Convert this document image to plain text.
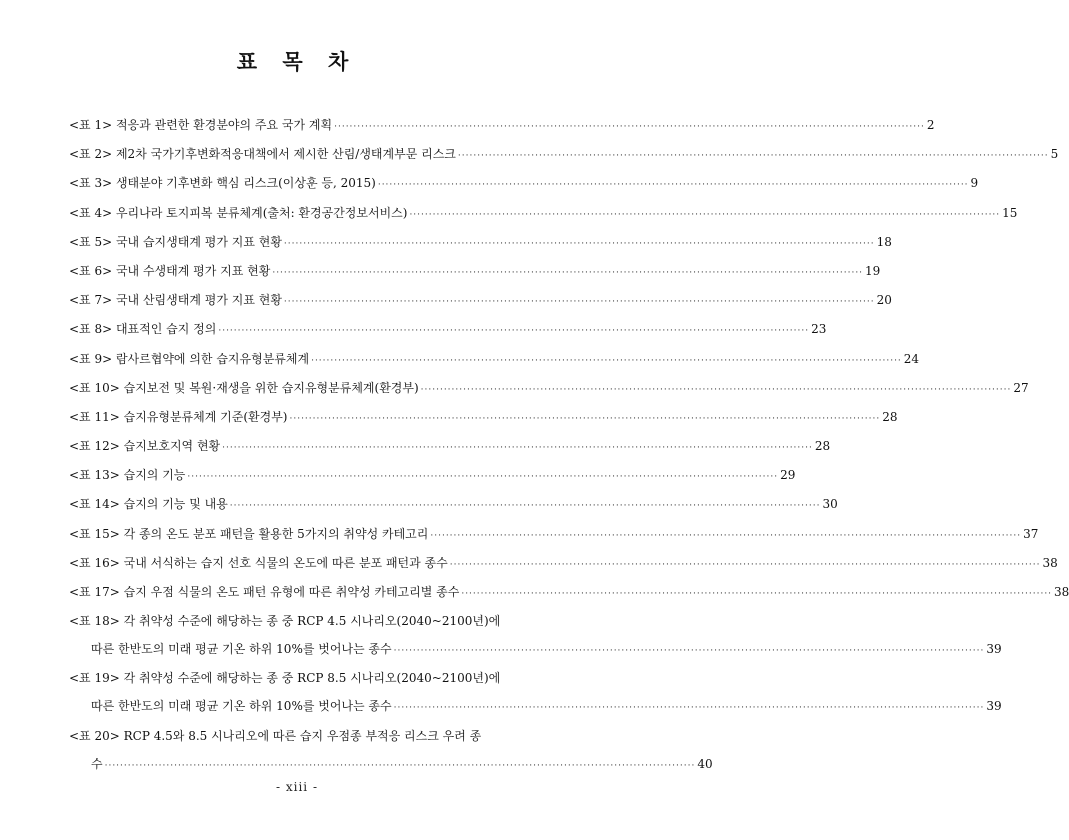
표 목 차
<표 1> 적응과 관련한 환경분야의 주요 국가 계획 ························································································································································· 2
<표 2> 제2차 국가기후변화적응대책에서 제시한 산림/생태계부문 리스크 ························································································································································· 5
<표 3> 생태분야 기후변화 핵심 리스크(이상훈 등, 2015) ························································································································································· 9
<표 4> 우리나라 토지피복 분류체계(출처: 환경공간정보서비스) ························································································································································· 15
<표 5> 국내 습지생태계 평가 지표 현황 ························································································································································· 18
<표 6> 국내 수생태계 평가 지표 현황 ························································································································································· 19
<표 7> 국내 산림생태계 평가 지표 현황 ························································································································································· 20
<표 8> 대표적인 습지 정의 ························································································································································· 23
<표 9> 람사르협약에 의한 습지유형분류체계 ························································································································································· 24
<표 10> 습지보전 및 복원·재생을 위한 습지유형분류체계(환경부) ························································································································································· 27
<표 11> 습지유형분류체계 기준(환경부) ························································································································································· 28
<표 12> 습지보호지역 현황 ························································································································································· 28
<표 13> 습지의 기능 ························································································································································· 29
<표 14> 습지의 기능 및 내용 ························································································································································· 30
<표 15> 각 종의 온도 분포 패턴을 활용한 5가지의 취약성 카테고리 ························································································································································· 37
<표 16> 국내 서식하는 습지 선호 식물의 온도에 따른 분포 패턴과 종수 ························································································································································· 38
<표 17> 습지 우점 식물의 온도 패턴 유형에 따른 취약성 카테고리별 종수 ························································································································································· 38
<표 18> 각 취약성 수준에 해당하는 종 중 RCP 4.5 시나리오(2040~2100년)에
따른 한반도의 미래 평균 기온 하위 10%를 벗어나는 종수 ························································································································································· 39
<표 19> 각 취약성 수준에 해당하는 종 중 RCP 8.5 시나리오(2040~2100년)에
따른 한반도의 미래 평균 기온 하위 10%를 벗어나는 종수 ························································································································································· 39
<표 20> RCP 4.5와 8.5 시나리오에 따른 습지 우점종 부적응 리스크 우려 종
수 ························································································································································· 40
- xiii -
